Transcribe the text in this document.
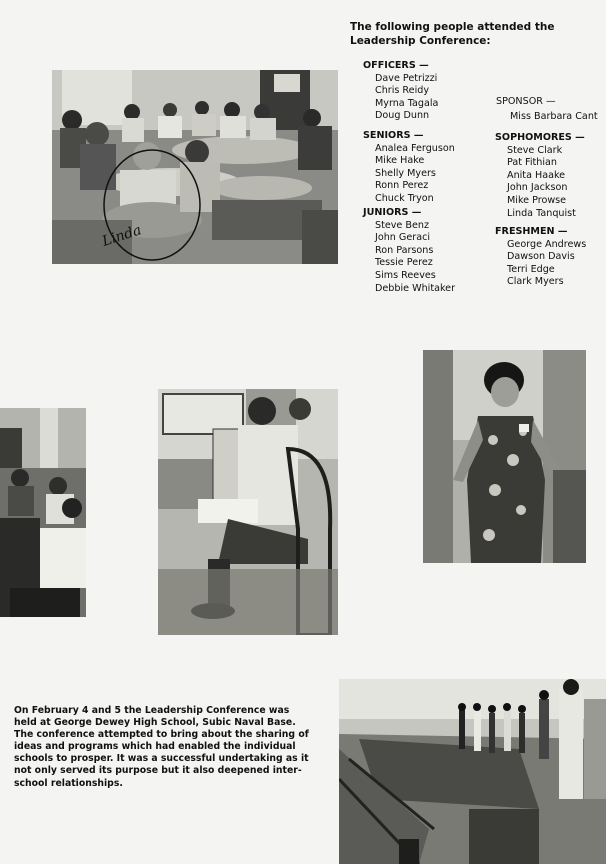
Linda
The following people attended the Leadership Conference:
OFFICERS —
Dave Petrizzi
Chris Reidy
Myrna Tagala
Doug Dunn
SENIORS —
Analea Ferguson
Mike Hake
Shelly Myers
Ronn Perez
Chuck Tryon
JUNIORS —
Steve Benz
John Geraci
Ron Parsons
Tessie Perez
Sims Reeves
Debbie Whitaker
SPONSOR —
Miss Barbara Cant
SOPHOMORES —
Steve Clark
Pat Fithian
Anita Haake
John Jackson
Mike Prowse
Linda Tanquist
FRESHMEN —
George Andrews
Dawson Davis
Terri Edge
Clark Myers
On February 4 and 5 the Leadership Conference was held at George Dewey High School, Subic Naval Base. The conference attempted to bring about the sharing of ideas and programs which had enabled the individual schools to prosper. It was a successful undertaking as it not only served its purpose but it also deepened inter-school relationships.
